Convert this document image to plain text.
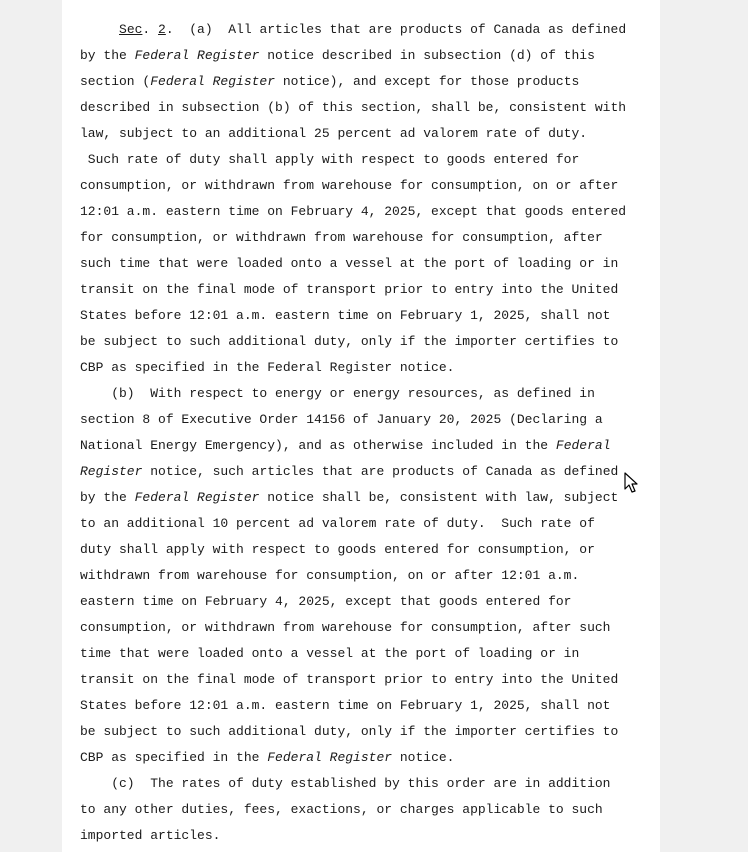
Sec. 2.  (a)  All articles that are products of Canada as defined
by the Federal Register notice described in subsection (d) of this
section (Federal Register notice), and except for those products
described in subsection (b) of this section, shall be, consistent with
law, subject to an additional 25 percent ad valorem rate of duty.
Such rate of duty shall apply with respect to goods entered for
consumption, or withdrawn from warehouse for consumption, on or after
12:01 a.m. eastern time on February 4, 2025, except that goods entered
for consumption, or withdrawn from warehouse for consumption, after
such time that were loaded onto a vessel at the port of loading or in
transit on the final mode of transport prior to entry into the United
States before 12:01 a.m. eastern time on February 1, 2025, shall not
be subject to such additional duty, only if the importer certifies to
CBP as specified in the Federal Register notice.
(b)  With respect to energy or energy resources, as defined in
section 8 of Executive Order 14156 of January 20, 2025 (Declaring a
National Energy Emergency), and as otherwise included in the Federal
Register notice, such articles that are products of Canada as defined
by the Federal Register notice shall be, consistent with law, subject
to an additional 10 percent ad valorem rate of duty.  Such rate of
duty shall apply with respect to goods entered for consumption, or
withdrawn from warehouse for consumption, on or after 12:01 a.m.
eastern time on February 4, 2025, except that goods entered for
consumption, or withdrawn from warehouse for consumption, after such
time that were loaded onto a vessel at the port of loading or in
transit on the final mode of transport prior to entry into the United
States before 12:01 a.m. eastern time on February 1, 2025, shall not
be subject to such additional duty, only if the importer certifies to
CBP as specified in the Federal Register notice.
(c)  The rates of duty established by this order are in addition
to any other duties, fees, exactions, or charges applicable to such
imported articles.
